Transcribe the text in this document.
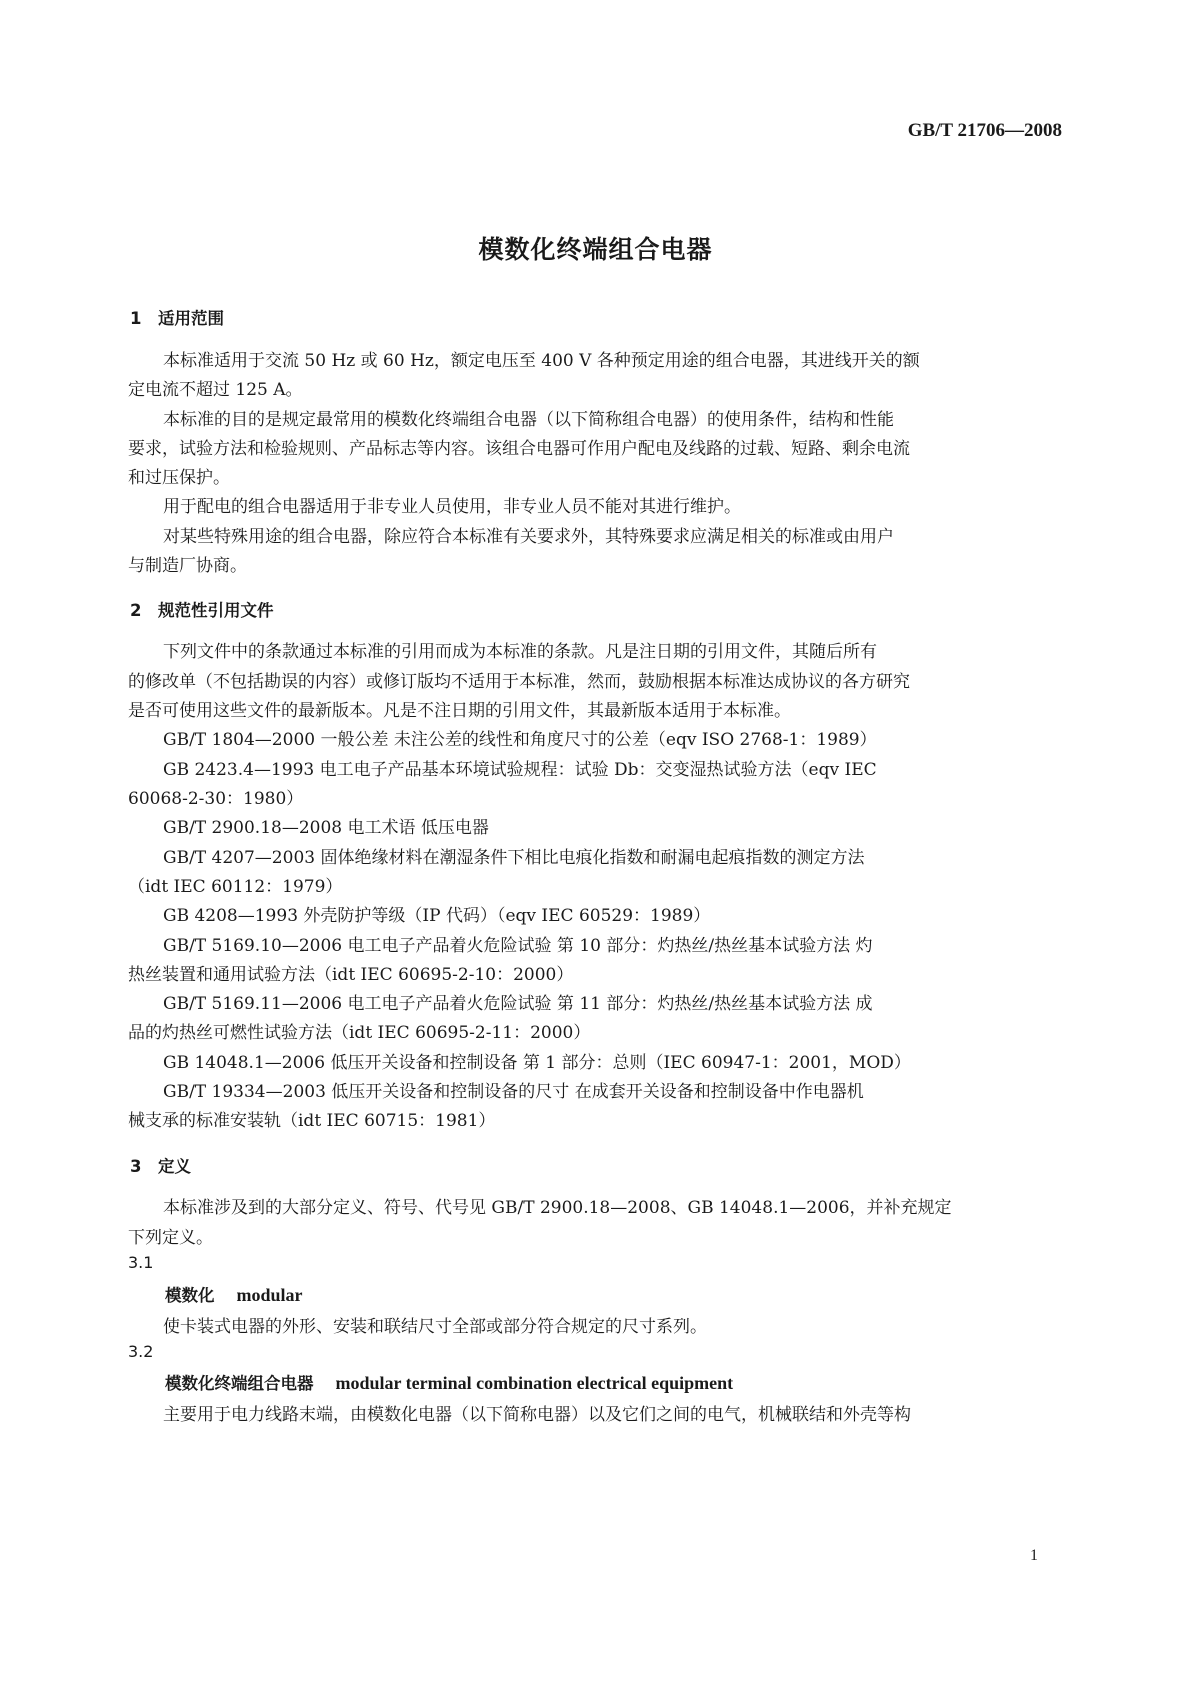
GB/T 21706—2008
模数化终端组合电器
1 适用范围
本标准适用于交流 50 Hz 或 60 Hz，额定电压至 400 V 各种预定用途的组合电器，其进线开关的额
定电流不超过 125 A。
本标准的目的是规定最常用的模数化终端组合电器（以下简称组合电器）的使用条件，结构和性能
要求，试验方法和检验规则、产品标志等内容。该组合电器可作用户配电及线路的过载、短路、剩余电流
和过压保护。
用于配电的组合电器适用于非专业人员使用，非专业人员不能对其进行维护。
对某些特殊用途的组合电器，除应符合本标准有关要求外，其特殊要求应满足相关的标准或由用户
与制造厂协商。
2 规范性引用文件
下列文件中的条款通过本标准的引用而成为本标准的条款。凡是注日期的引用文件，其随后所有
的修改单（不包括勘误的内容）或修订版均不适用于本标准，然而，鼓励根据本标准达成协议的各方研究
是否可使用这些文件的最新版本。凡是不注日期的引用文件，其最新版本适用于本标准。
GB/T 1804—2000 一般公差 未注公差的线性和角度尺寸的公差（eqv ISO 2768-1：1989）
GB 2423.4—1993 电工电子产品基本环境试验规程：试验 Db：交变湿热试验方法（eqv IEC
60068-2-30：1980）
GB/T 2900.18—2008 电工术语 低压电器
GB/T 4207—2003 固体绝缘材料在潮湿条件下相比电痕化指数和耐漏电起痕指数的测定方法
（idt IEC 60112：1979）
GB 4208—1993 外壳防护等级（IP 代码）（eqv IEC 60529：1989）
GB/T 5169.10—2006 电工电子产品着火危险试验 第 10 部分：灼热丝/热丝基本试验方法 灼
热丝装置和通用试验方法（idt IEC 60695-2-10：2000）
GB/T 5169.11—2006 电工电子产品着火危险试验 第 11 部分：灼热丝/热丝基本试验方法 成
品的灼热丝可燃性试验方法（idt IEC 60695-2-11：2000）
GB 14048.1—2006 低压开关设备和控制设备 第 1 部分：总则（IEC 60947-1：2001，MOD）
GB/T 19334—2003 低压开关设备和控制设备的尺寸 在成套开关设备和控制设备中作电器机
械支承的标准安装轨（idt IEC 60715：1981）
3 定义
本标准涉及到的大部分定义、符号、代号见 GB/T 2900.18—2008、GB 14048.1—2006，并补充规定
下列定义。
3.1
模数化 modular
使卡装式电器的外形、安装和联结尺寸全部或部分符合规定的尺寸系列。
3.2
模数化终端组合电器 modular terminal combination electrical equipment
主要用于电力线路末端，由模数化电器（以下简称电器）以及它们之间的电气，机械联结和外壳等构
1
